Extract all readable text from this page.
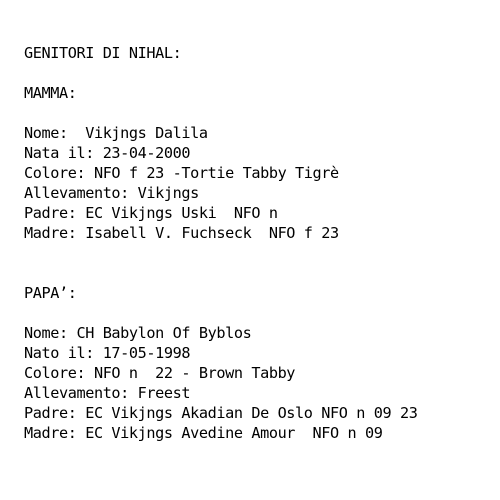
GENITORI DI NIHAL:
MAMMA:
Nome:  Vikjngs Dalila
Nata il: 23-04-2000
Colore: NFO f 23 -Tortie Tabby Tigrè
Allevamento: Vikjngs
Padre: EC Vikjngs Uski  NFO n
Madre: Isabell V. Fuchseck  NFO f 23
PAPA’:
Nome: CH Babylon Of Byblos
Nato il: 17-05-1998
Colore: NFO n  22 - Brown Tabby
Allevamento: Freest
Padre: EC Vikjngs Akadian De Oslo NFO n 09 23
Madre: EC Vikjngs Avedine Amour  NFO n 09
